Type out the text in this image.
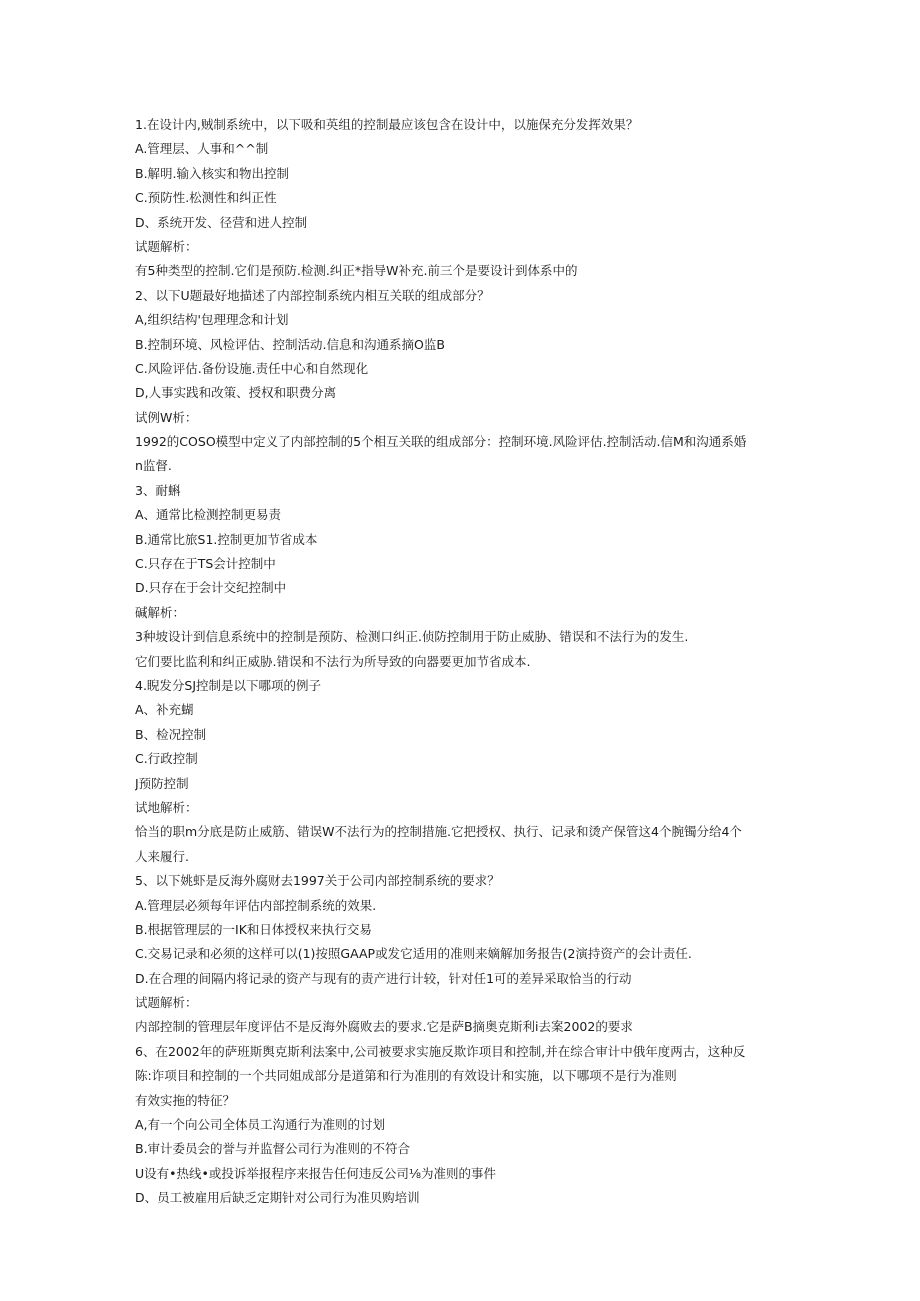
1.在设计内,贼制系统中，以下吸和英组的控制最应该包含在设计中，以施保充分发挥效果？
A.管理层、人事和^^制
B.解明.输入核实和物出控制
C.预防性.松测性和纠正性
D、系统开发、径营和进人控制
试题解析：
有5种类型的控制.它们是预防.检测.纠正*指导W补充.前三个是要设计到体系中的
2、以下U题最好地描述了内部控制系统内相互关联的组成部分？
A,组织结构'包理理念和计划
B.控制环境、风检评估、控制活动.信息和沟通系摘O监B
C.风险评估.备份设施.责任中心和自然现化
D,人事实践和改策、授权和职费分离
试例W析：
1992的COSO模型中定义了内部控制的5个相互关联的组成部分：控制环境.风险评估.控制活动.信M和沟通系婚
n监督.
3、耐蝌
A、通常比检测控制更易责
B.通常比旅S1.控制更加节省成本
C.只存在于TS会计控制中
D.只存在于会计交纪控制中
碱解析：
3种坡设计到信息系统中的控制是预防、检测口纠正.侦防控制用于防止威胁、错误和不法行为的发生.
它们要比监利和纠正威胁.错误和不法行为所导致的向器要更加节省成本.
4.睨发分SJ控制是以下哪项的例子
A、补充蝴
B、检况控制
C.行政控制
J预防控制
试地解析：
恰当的职m分底是防止威筋、错误W不法行为的控制措施.它把授权、执行、记录和烫产保管这4个腕镯分给4个
人来履行.
5、以下姚虾是反海外腐财去1997关于公司内部控制系统的要求？
A.管理层必须每年评估内部控制系统的效果.
B.根据管理层的一IK和日体授权来执行交易
C.交易记录和必须的这样可以(1)按照GAAP或发它适用的准则来嫡解加务报告(2演持资产的会计责任.
D.在合理的间隔内将记录的资产与现有的责产进行计较，针对任1可的差异采取恰当的行动
试题解析：
内部控制的管理层年度评估不是反海外腐败去的要求.它是萨B摘奥克斯利i去案2002的要求
6、在2002年的萨班斯舆克斯利法案中,公司被要求实施反欺诈项目和控制,并在综合审计中俄年度两古，这种反
陈:诈项目和控制的一个共同姐成部分是道第和行为准刖的有效设计和实施，以下哪项不是行为准则
有效实拖的特征？
A,有一个向公司全体员工沟通行为准则的讨划
B.审计委员会的誉与并监督公司行为准则的不符合
U设有•热线•或投诉举报程序来报告任何违反公司⅛为准则的事件
D、员工被雇用后缺乏定期针对公司行为准贝购培训
